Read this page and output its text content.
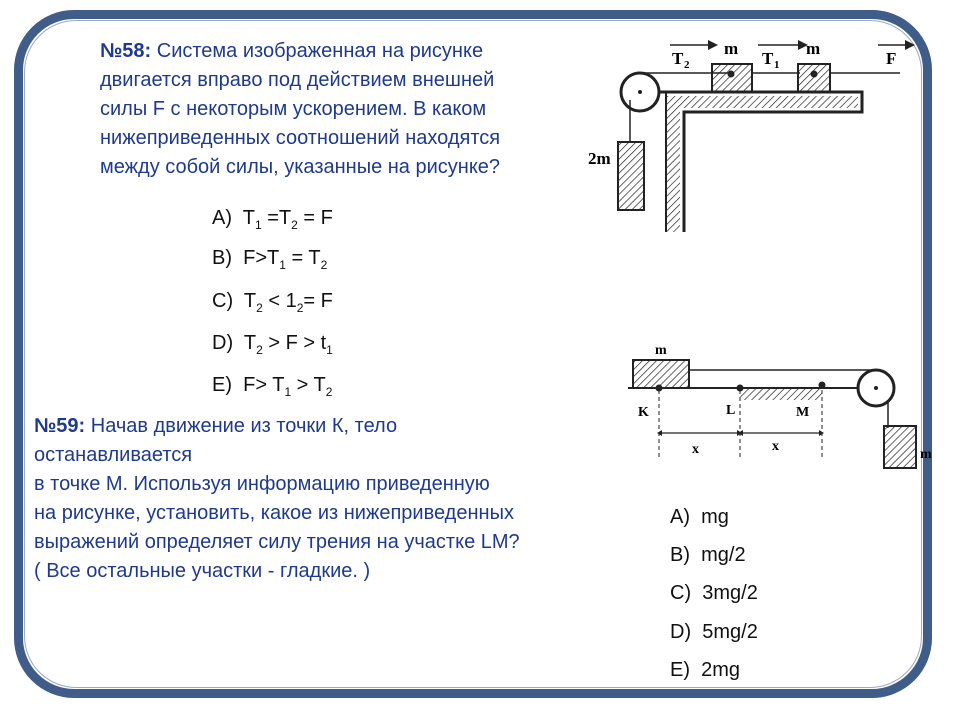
№58: Система изображенная на рисунке
двигается вправо под действием внешней
силы F с некоторым ускорением. В каком
нижеприведенных соотношений находятся
между собой силы, указанные на рисунке?
A) $T_1 =T_2 = F$
B) $F>T_1 = T_2$
C)  $T_2 < 1_2= F$
D)  $T_2 > F > t_1$
E) $F> T_1 > T_2$
2m
T 2
m
T 1
m
F
№59: Начав движение из точки К, тело
останавливается
в точке М. Используя информацию приведенную
на рисунке, установить, какое из нижеприведенных
выражений определяет силу трения на участке LM?
( Все остальные участки - гладкие. )
m
m
K	L	M
x	x
A) mg
B) mg/2
C) 3mg/2
D) 5mg/2
E) 2mg
